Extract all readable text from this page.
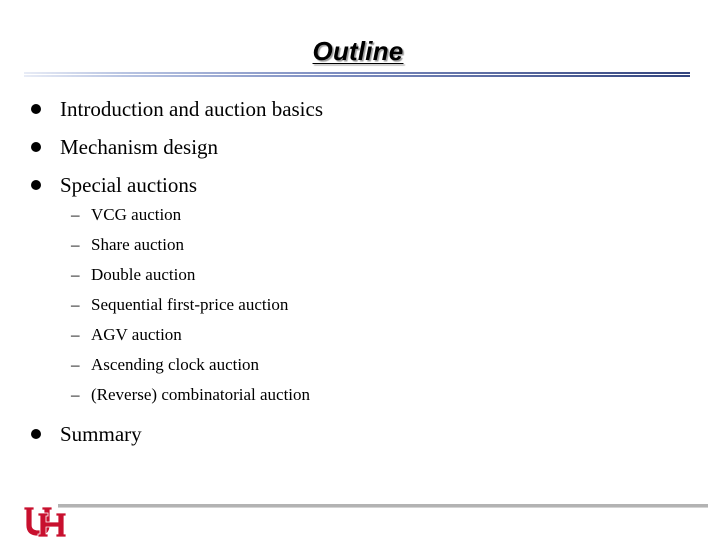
Outline
Introduction and auction basics
Mechanism design
Special auctions
– VCG auction
– Share auction
– Double auction
– Sequential first-price auction
– AGV auction
– Ascending clock auction
– (Reverse) combinatorial auction
Summary
